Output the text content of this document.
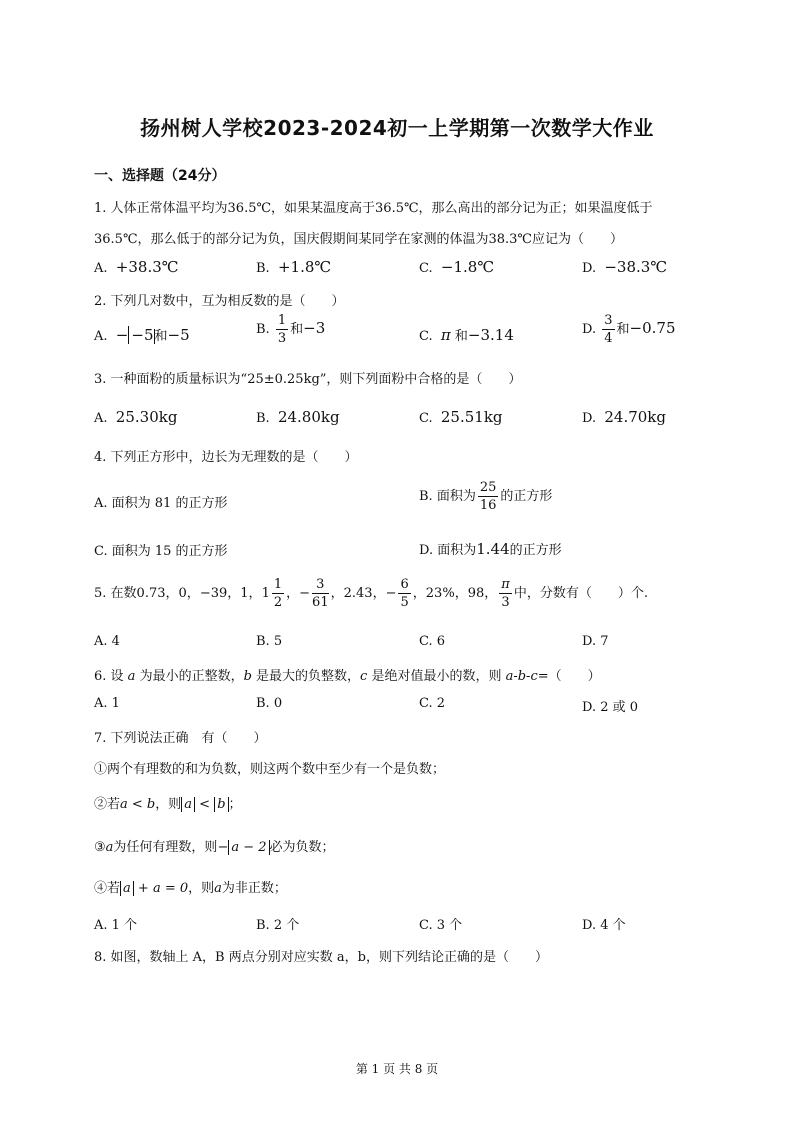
扬州树人学校2023-2024初一上学期第一次数学大作业
一、选择题（24分）
1. 人体正常体温平均为36.5℃，如果某温度高于36.5℃，那么高出的部分记为正；如果温度低于
36.5℃，那么低于的部分记为负，国庆假期间某同学在家测的体温为38.3℃应记为（　　）
A. +38.3℃	B. +1.8℃	C. −1.8℃	D. −38.3℃
2. 下列几对数中，互为相反数的是（　　）
A. − −5和−5	B. $\frac{1}{3}$ 和−3	C. π 和−3.14	D. $\frac{3}{4}$ 和−0.75
3. 一种面粉的质量标识为“25±0.25kg”，则下列面粉中合格的是（　　）
A. 25.30kg	B. 24.80kg	C. 25.51kg	D. 24.70kg
4. 下列正方形中，边长为无理数的是（　　）
A. 面积为 81 的正方形	B. 面积为 $\frac{25}{16}$ 的正方形
C. 面积为 15 的正方形	D. 面积为1.44的正方形
5. 在数0.73，0，−39，1，$1 \frac{1}{2}$ ，− $\frac{3}{61}$ ，2.43，− $\frac{6}{5}$ ，23%，98， $\frac{\pi}{3}$ 中，分数有（　　）个.
A. 4	B. 5	C. 6	D. 7
6. 设 a 为最小的正整数，b 是最大的负整数，c 是绝对值最小的数，则 a-b-c=（　　）
A. 1	B. 0	C. 2	D. 2 或 0
7. 下列说法正确　有（　　）
①两个有理数的和为负数，则这两个数中至少有一个是负数；
②若a < b，则 a < b ；
③a为任何有理数，则− a − 2 必为负数；
④若 a + a = 0，则a为非正数；
A. 1 个	B. 2 个	C. 3 个	D. 4 个
8. 如图，数轴上 A，B 两点分别对应实数 a，b，则下列结论正确的是（　　）
第 1 页 共 8 页
